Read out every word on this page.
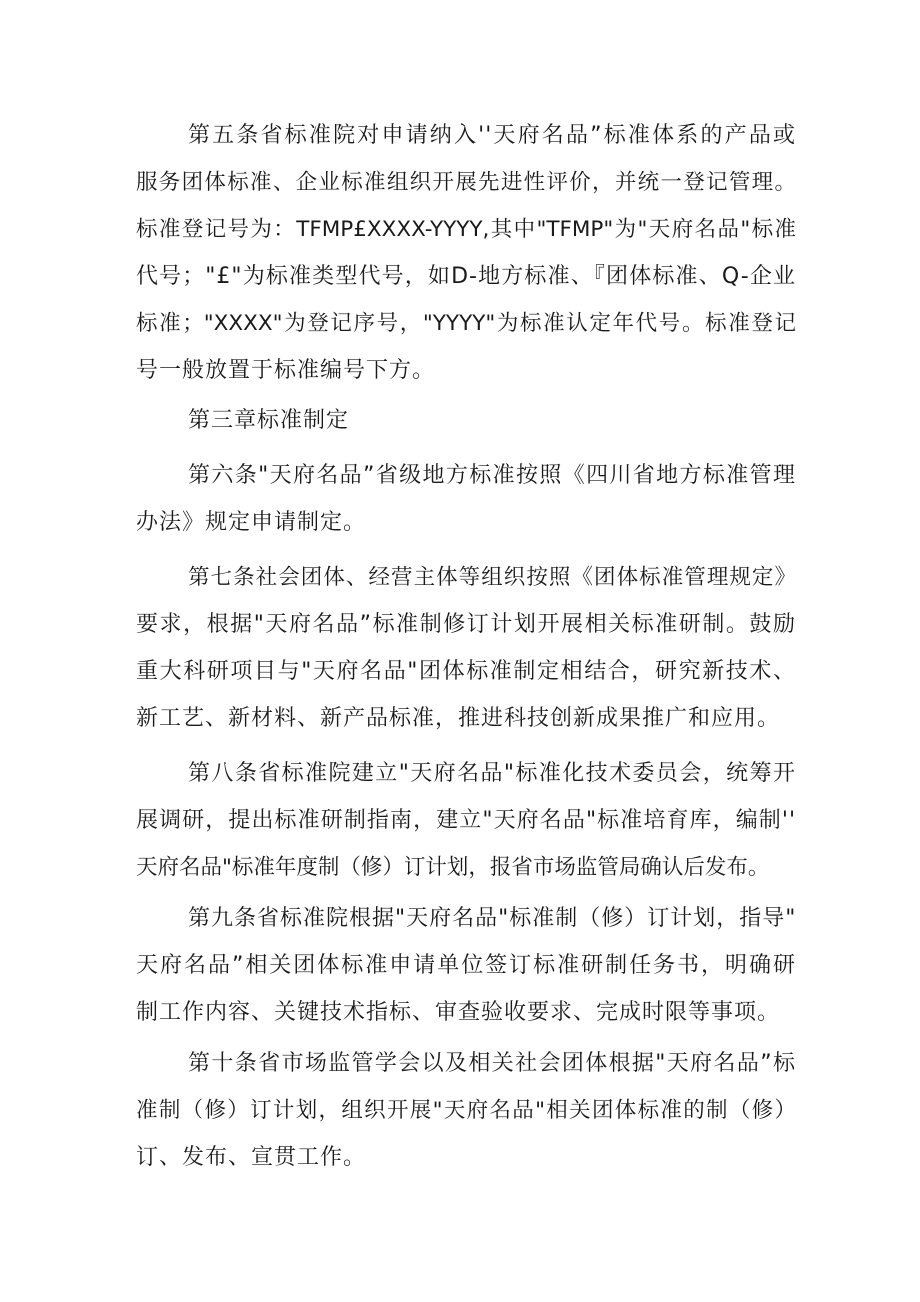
第五条省标准院对申请纳入''天府名品”标准体系的产品或
服务团体标准、企业标准组织开展先进性评价，并统一登记管理。
标准登记号为：TFMP£XXXX-YYYY,其中"TFMP"为"天府名品"标准
代号；"£"为标准类型代号，如D-地方标准、『团体标准、Q-企业
标准；"XXXX"为登记序号，"YYYY"为标准认定年代号。标准登记
号一般放置于标准编号下方。
第三章标准制定
第六条"天府名品”省级地方标准按照《四川省地方标准管理
办法》规定申请制定。
第七条社会团体、经营主体等组织按照《团体标准管理规定》
要求，根据"天府名品”标准制修订计划开展相关标准研制。鼓励
重大科研项目与"天府名品"团体标准制定相结合，研究新技术、
新工艺、新材料、新产品标准，推进科技创新成果推广和应用。
第八条省标准院建立"天府名品"标准化技术委员会，统筹开
展调研，提出标准研制指南，建立"天府名品"标准培育库，编制''
天府名品"标准年度制（修）订计划，报省市场监管局确认后发布。
第九条省标准院根据"天府名品"标准制（修）订计划，指导"
天府名品”相关团体标准申请单位签订标准研制任务书，明确研
制工作内容、关键技术指标、审查验收要求、完成时限等事项。
第十条省市场监管学会以及相关社会团体根据"天府名品”标
准制（修）订计划，组织开展"天府名品"相关团体标准的制（修）
订、发布、宣贯工作。
